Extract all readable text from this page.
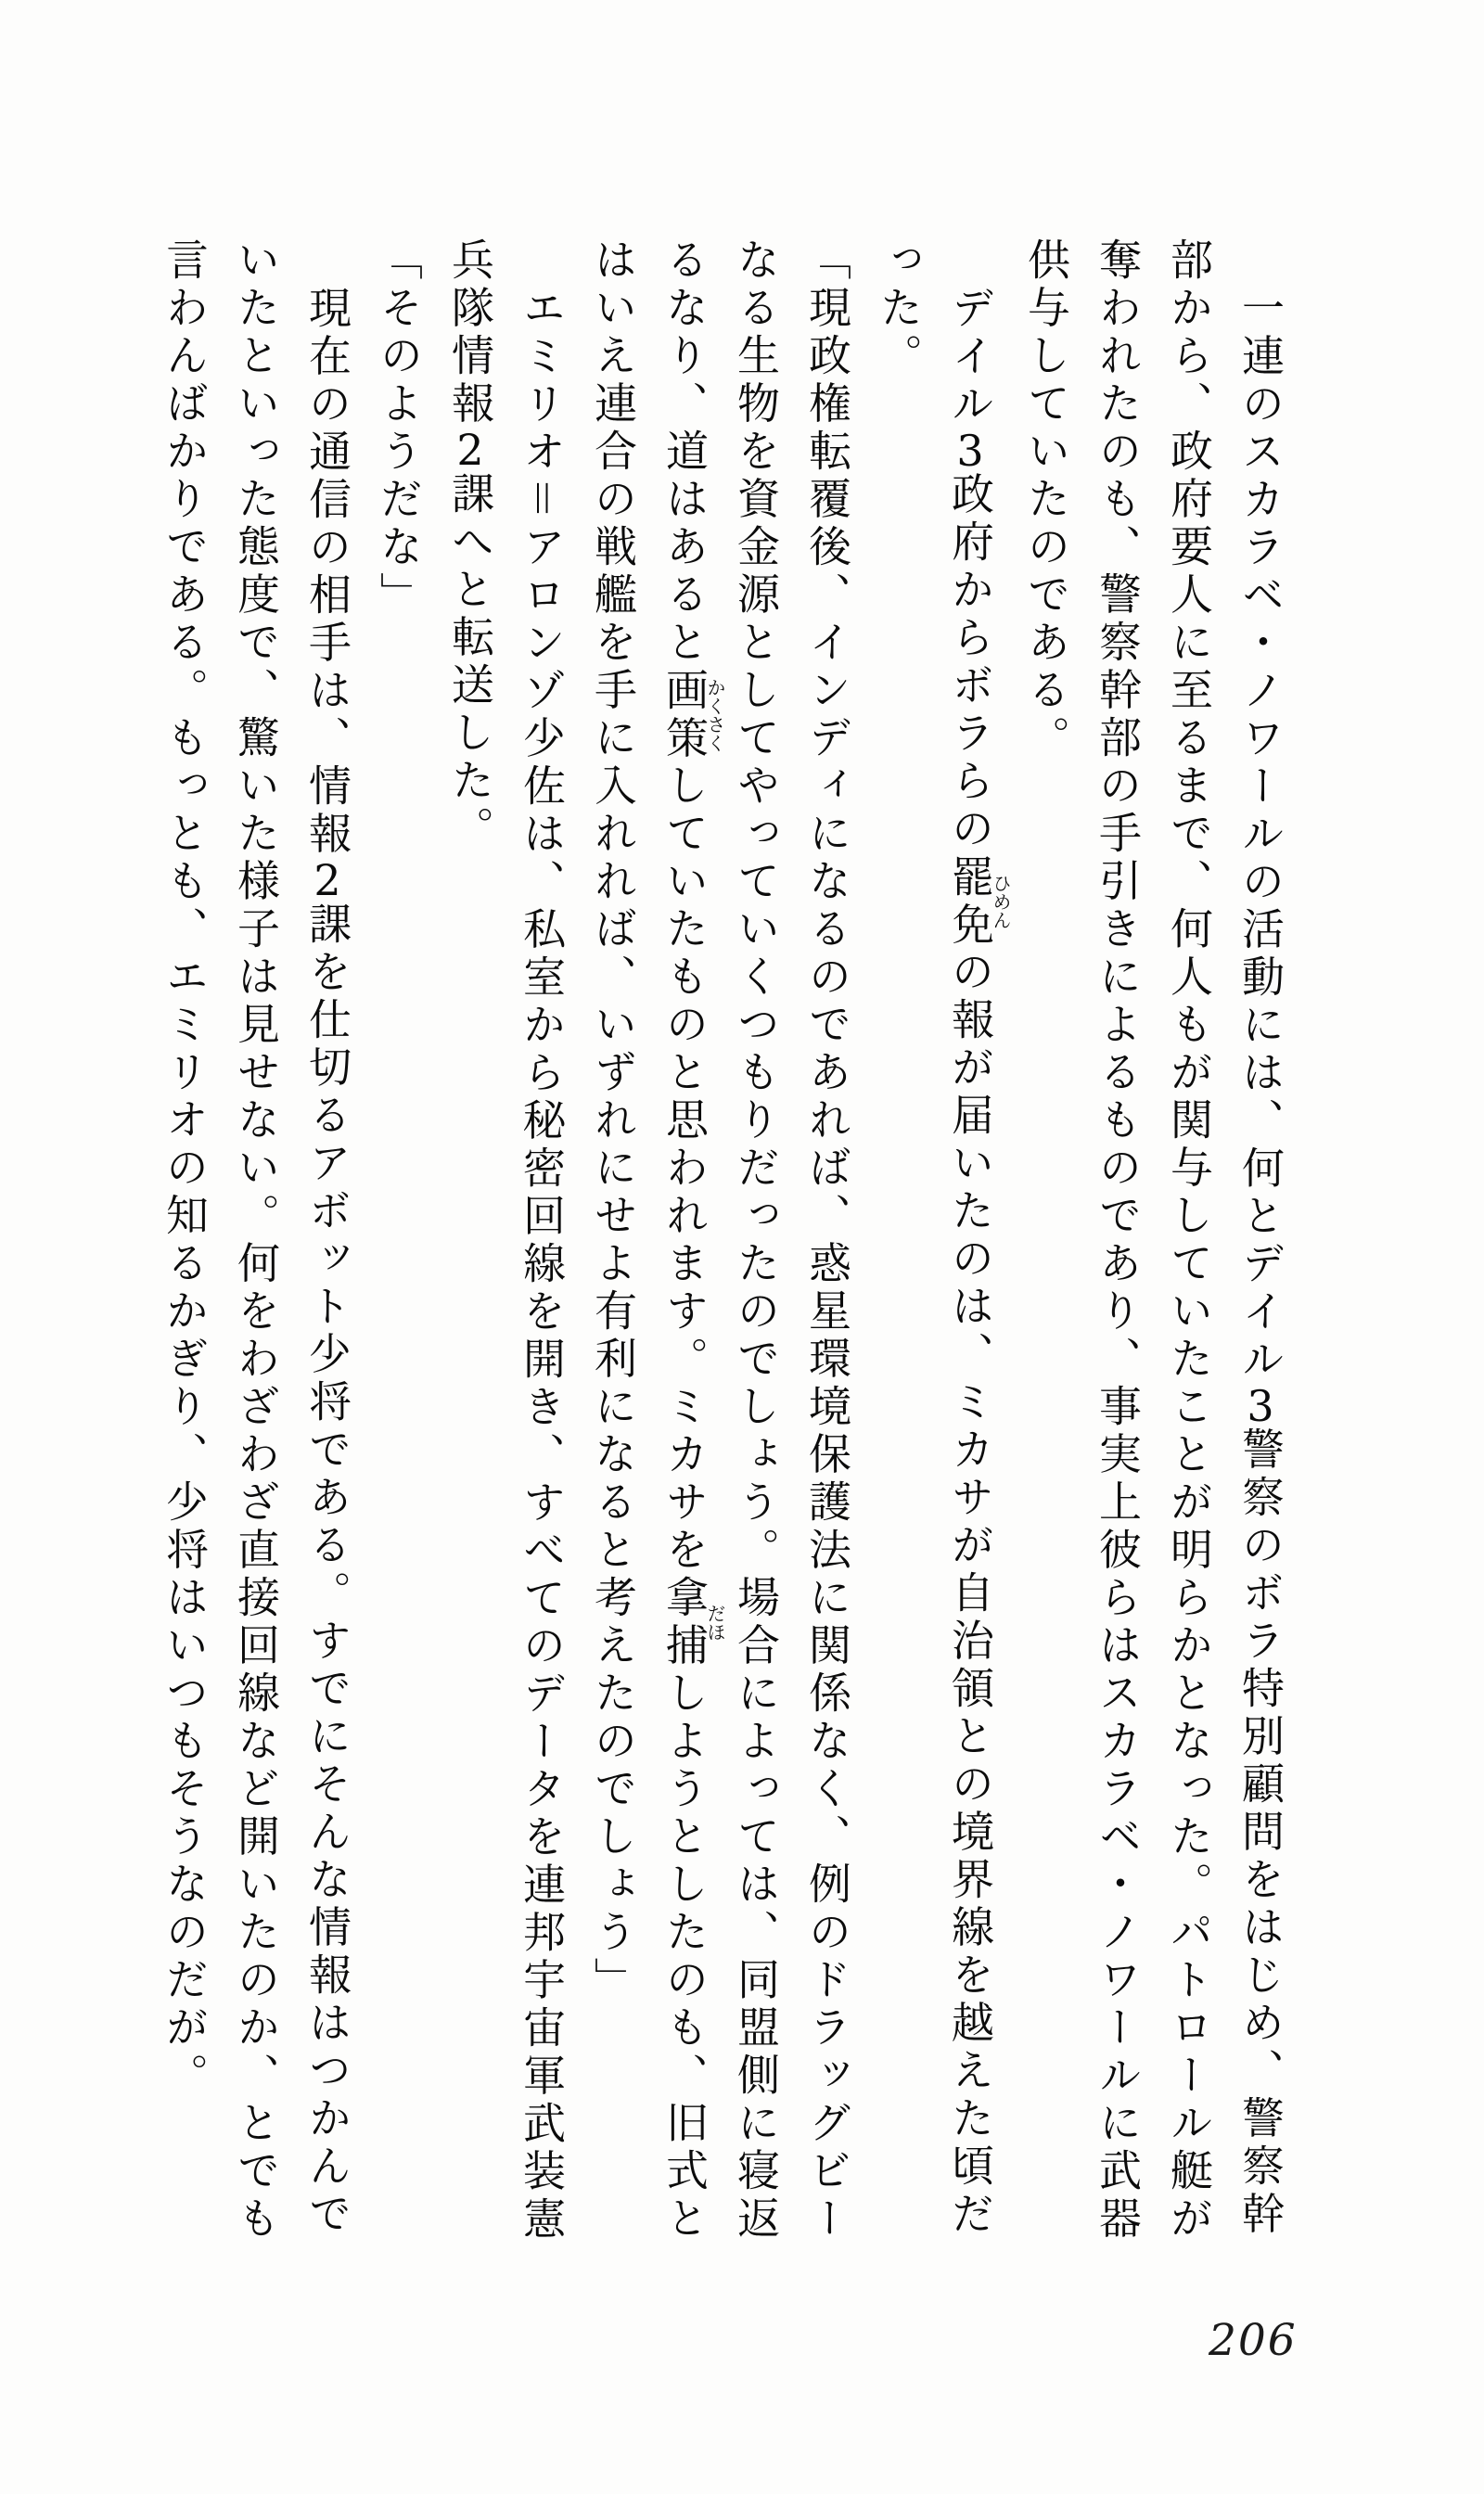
一連のスカラベ・ノワールの活動には、何とデイル3警察のボラ特別顧問をはじめ、警察幹部から、政府要人に至るまで、何人もが関与していたことが明らかとなった。パトロール艇が奪われたのも、警察幹部の手引きによるものであり、事実上彼らはスカラベ・ノワールに武器供与していたのである。

デイル3政府からボラらの罷免ひめんの報が届いたのは、ミカサが自治領との境界線を越えた頃だった。

「現政権転覆後、インディになるのであれば、惑星環境保護法に関係なく、例のドラッグビーなる生物を資金源としてやっていくつもりだったのでしょう。場合によっては、同盟側に寝返るなり、道はあると画策かくさくしていたものと思われます。ミカサを拿捕だほしようとしたのも、旧式とはいえ連合の戦艦を手に入れれば、いずれにせよ有利になると考えたのでしょう」

エミリオ＝アロンゾ少佐は、私室から秘密回線を開き、すべてのデータを連邦宇宙軍武装憲兵隊情報2課へと転送した。

「そのようだな」

現在の通信の相手は、情報2課を仕切るアボット少将である。すでにそんな情報はつかんでいたといった態度で、驚いた様子は見せない。何をわざわざ直接回線など開いたのか、とでも言わんばかりである。もっとも、エミリオの知るかぎり、少将はいつもそうなのだが。

206
